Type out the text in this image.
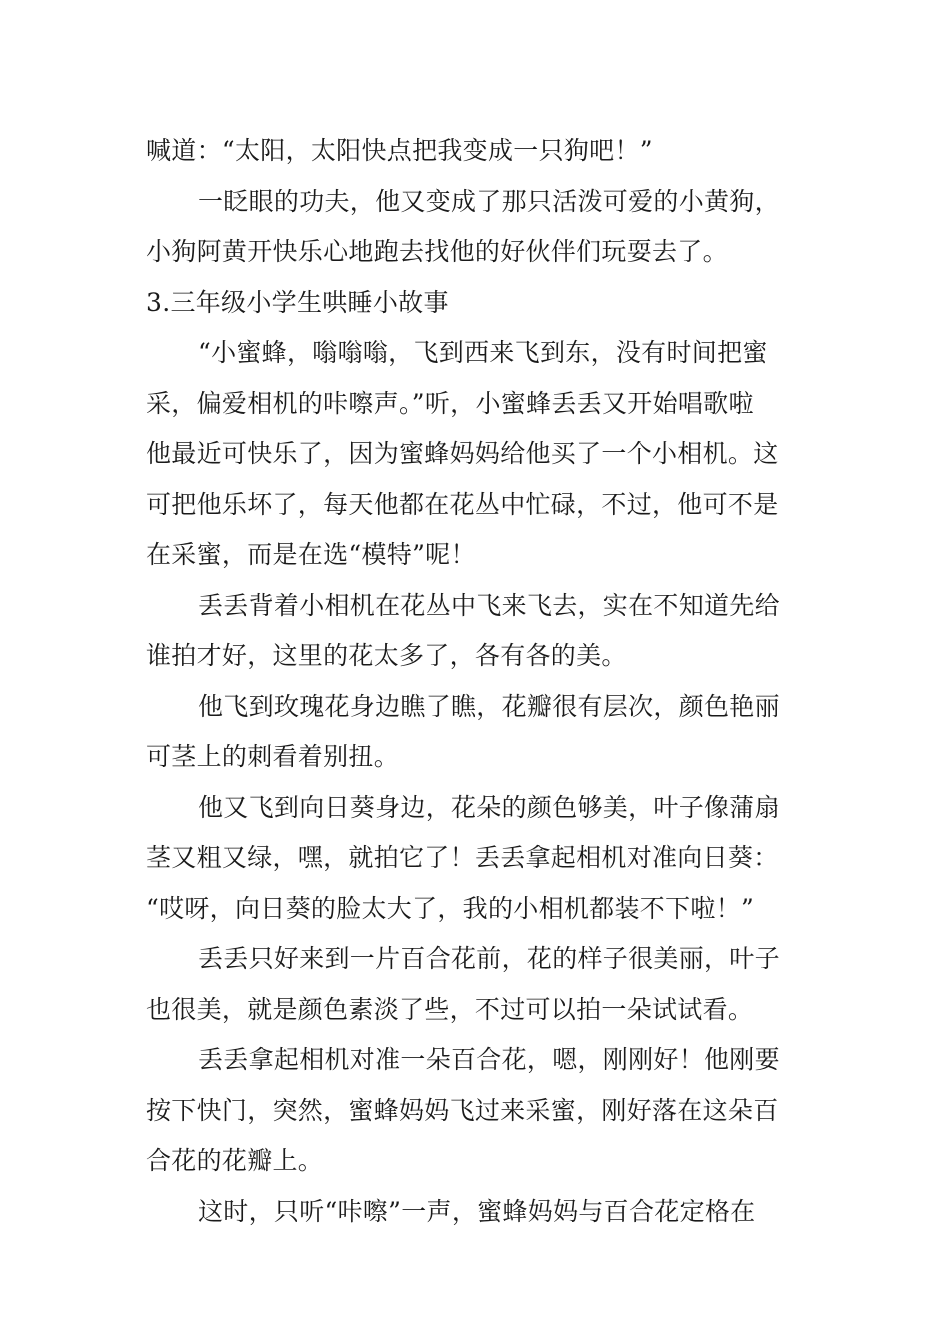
喊道：“太阳，太阳快点把我变成一只狗吧！”
一眨眼的功夫，他又变成了那只活泼可爱的小黄狗，
小狗阿黄开快乐心地跑去找他的好伙伴们玩耍去了。
3.三年级小学生哄睡小故事
“小蜜蜂，嗡嗡嗡，飞到西来飞到东，没有时间把蜜
采，偏爱相机的咔嚓声。”听，小蜜蜂丢丢又开始唱歌啦
他最近可快乐了，因为蜜蜂妈妈给他买了一个小相机。这
可把他乐坏了，每天他都在花丛中忙碌，不过，他可不是
在采蜜，而是在选“模特”呢！
丢丢背着小相机在花丛中飞来飞去，实在不知道先给
谁拍才好，这里的花太多了，各有各的美。
他飞到玫瑰花身边瞧了瞧，花瓣很有层次，颜色艳丽
可茎上的刺看着别扭。
他又飞到向日葵身边，花朵的颜色够美，叶子像蒲扇
茎又粗又绿，嘿，就拍它了！丢丢拿起相机对准向日葵：
“哎呀，向日葵的脸太大了，我的小相机都装不下啦！”
丢丢只好来到一片百合花前，花的样子很美丽，叶子
也很美，就是颜色素淡了些，不过可以拍一朵试试看。
丢丢拿起相机对准一朵百合花，嗯，刚刚好！他刚要
按下快门，突然，蜜蜂妈妈飞过来采蜜，刚好落在这朵百
合花的花瓣上。
这时，只听“咔嚓”一声，蜜蜂妈妈与百合花定格在
